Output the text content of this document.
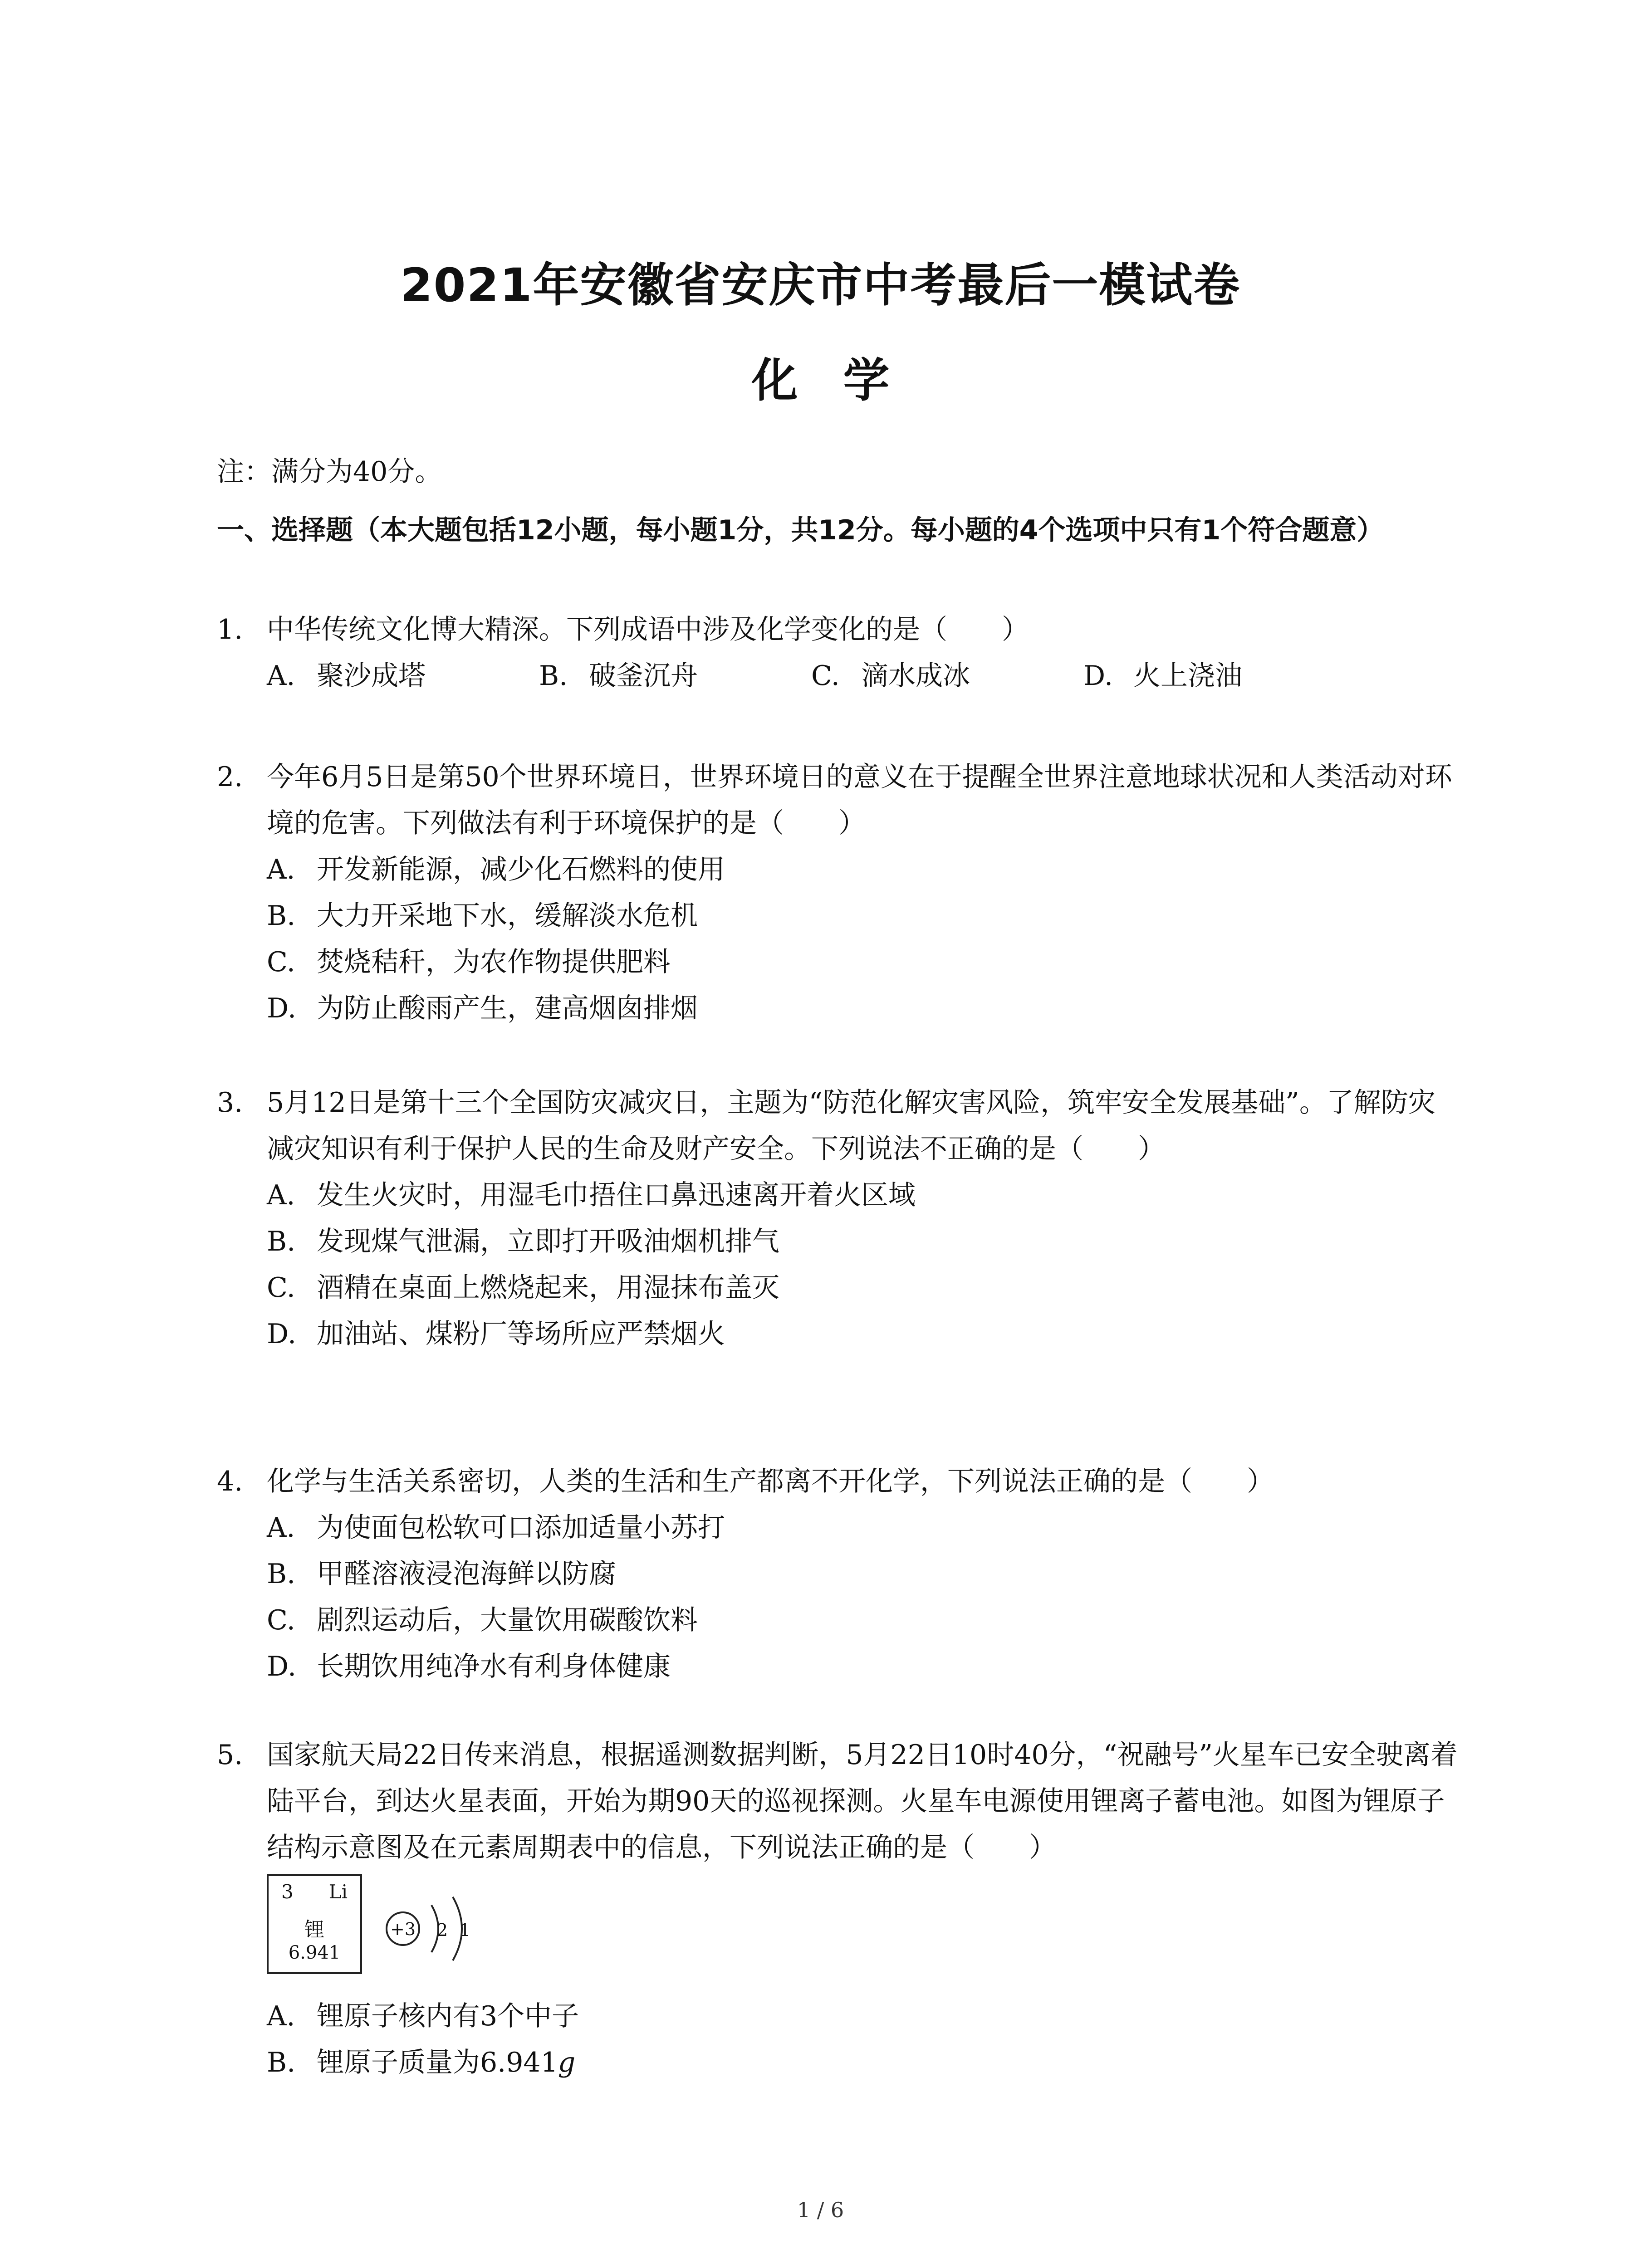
2021年安徽省安庆市中考最后一模试卷
化学
注：满分为40分。
一、选择题（本大题包括12小题，每小题1分，共12分。每小题的4个选项中只有1个符合题意）
1. 中华传统文化博大精深。下列成语中涉及化学变化的是（　　）
A. 聚沙成塔	B. 破釜沉舟	C. 滴水成冰	D. 火上浇油
2. 今年6月5日是第50个世界环境日，世界环境日的意义在于提醒全世界注意地球状况和人类活动对环境的危害。下列做法有利于环境保护的是（　　）
A. 开发新能源，减少化石燃料的使用
B. 大力开采地下水，缓解淡水危机
C. 焚烧秸秆，为农作物提供肥料
D. 为防止酸雨产生，建高烟囱排烟
3. 5月12日是第十三个全国防灾减灾日，主题为“防范化解灾害风险，筑牢安全发展基础”。了解防灾减灾知识有利于保护人民的生命及财产安全。下列说法不正确的是（　　）
A. 发生火灾时，用湿毛巾捂住口鼻迅速离开着火区域
B. 发现煤气泄漏，立即打开吸油烟机排气
C. 酒精在桌面上燃烧起来，用湿抹布盖灭
D. 加油站、煤粉厂等场所应严禁烟火
4. 化学与生活关系密切，人类的生活和生产都离不开化学，下列说法正确的是（　　）
A. 为使面包松软可口添加适量小苏打
B. 甲醛溶液浸泡海鲜以防腐
C. 剧烈运动后，大量饮用碳酸饮料
D. 长期饮用纯净水有利身体健康
5. 国家航天局22日传来消息，根据遥测数据判断，5月22日10时40分，“祝融号”火星车已安全驶离着陆平台，到达火星表面，开始为期90天的巡视探测。火星车电源使用锂离子蓄电池。如图为锂原子结构示意图及在元素周期表中的信息，下列说法正确的是（　　）
3 Li
锂
6.941
+3 2 1
A. 锂原子核内有3个中子
B. 锂原子质量为6.941g
1 / 6
